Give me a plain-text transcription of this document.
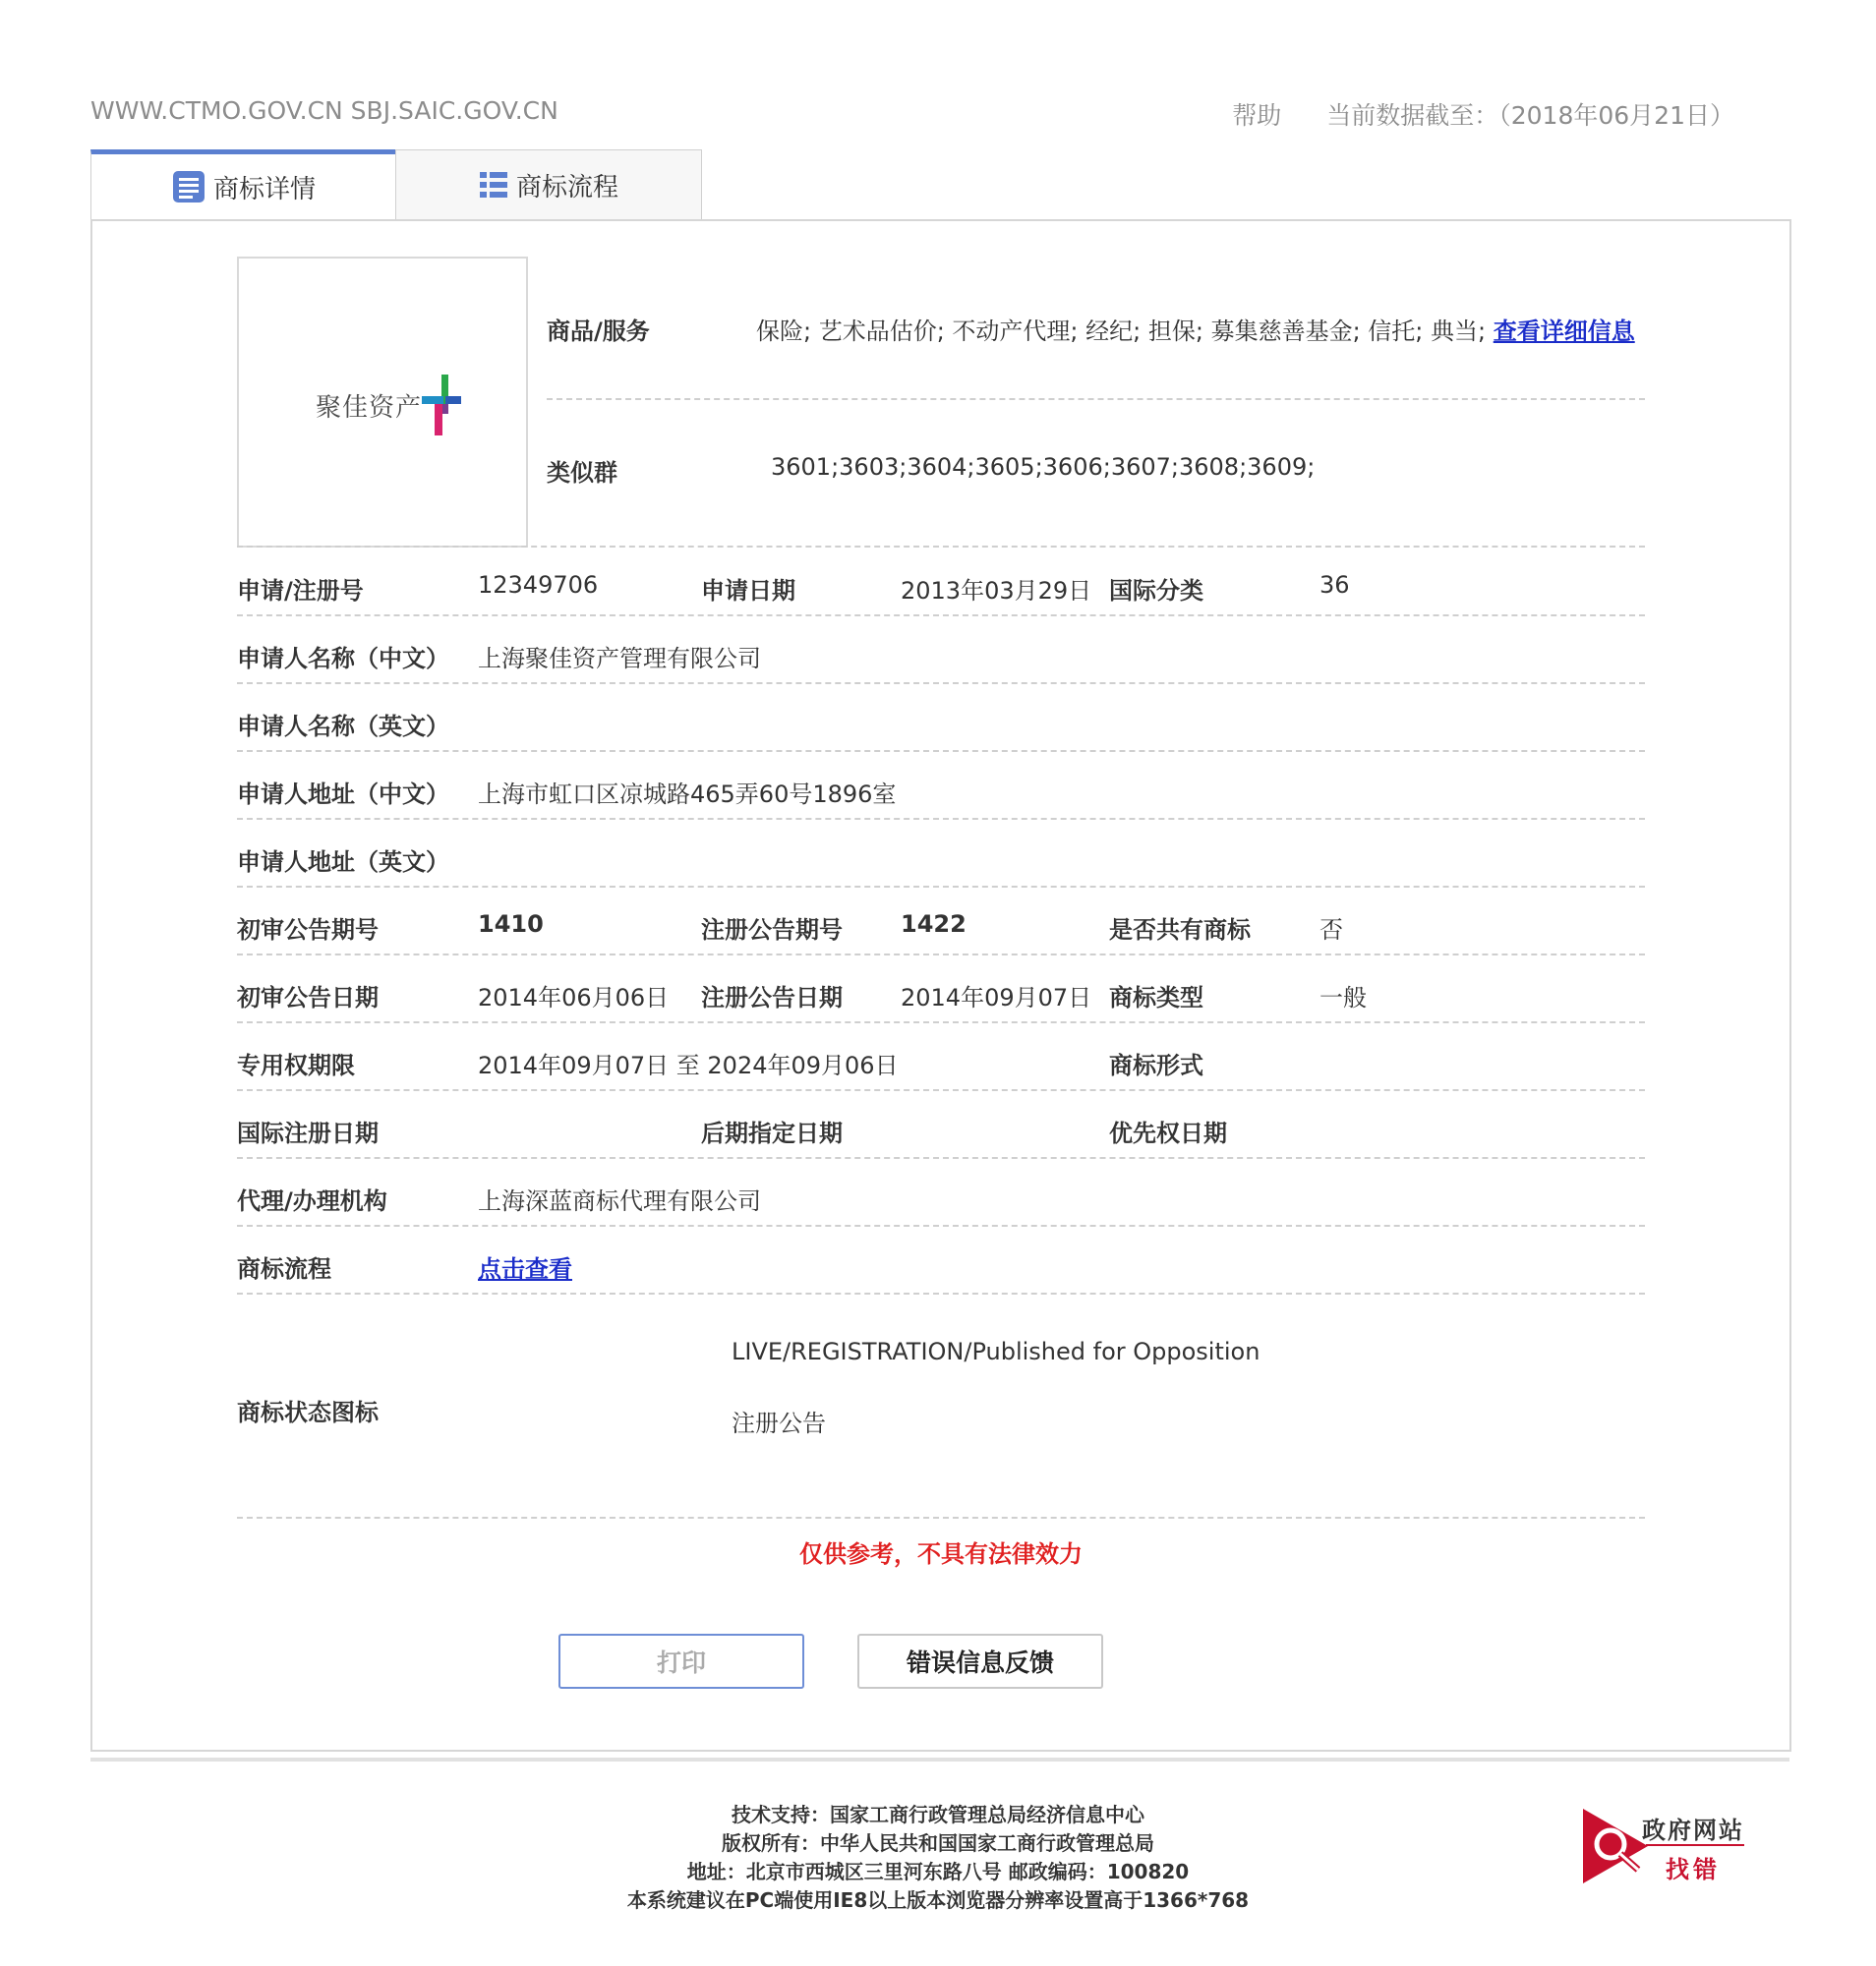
WWW.CTMO.GOV.CN SBJ.SAIC.GOV.CN	帮助 当前数据截至：（2018年06月21日）
商标详情	商标流程
聚佳资产
商品/服务	保险; 艺术品估价; 不动产代理; 经纪; 担保; 募集慈善基金; 信托; 典当; 查看详细信息
类似群	3601;3603;3604;3605;3606;3607;3608;3609;
申请/注册号	12349706	申请日期	2013年03月29日 国际分类	36
申请人名称（中文） 上海聚佳资产管理有限公司
申请人名称（英文）
申请人地址（中文） 上海市虹口区凉城路465弄60号1896室
申请人地址（英文）
初审公告期号	1410	注册公告期号 1422	是否共有商标	否
初审公告日期	2014年06月06日 注册公告日期 2014年09月07日 商标类型	一般
专用权期限	2014年09月07日 至 2024年09月06日	商标形式
国际注册日期	后期指定日期	优先权日期
代理/办理机构	上海深蓝商标代理有限公司
商标流程	点击查看
商标状态图标
LIVE/REGISTRATION/Published for Opposition
注册公告
仅供参考，不具有法律效力
打印	错误信息反馈
技术支持：国家工商行政管理总局经济信息中心
版权所有：中华人民共和国国家工商行政管理总局
地址：北京市西城区三里河东路八号 邮政编码：100820
本系统建议在PC端使用IE8以上版本浏览器分辨率设置高于1366*768
政府网站
找错
